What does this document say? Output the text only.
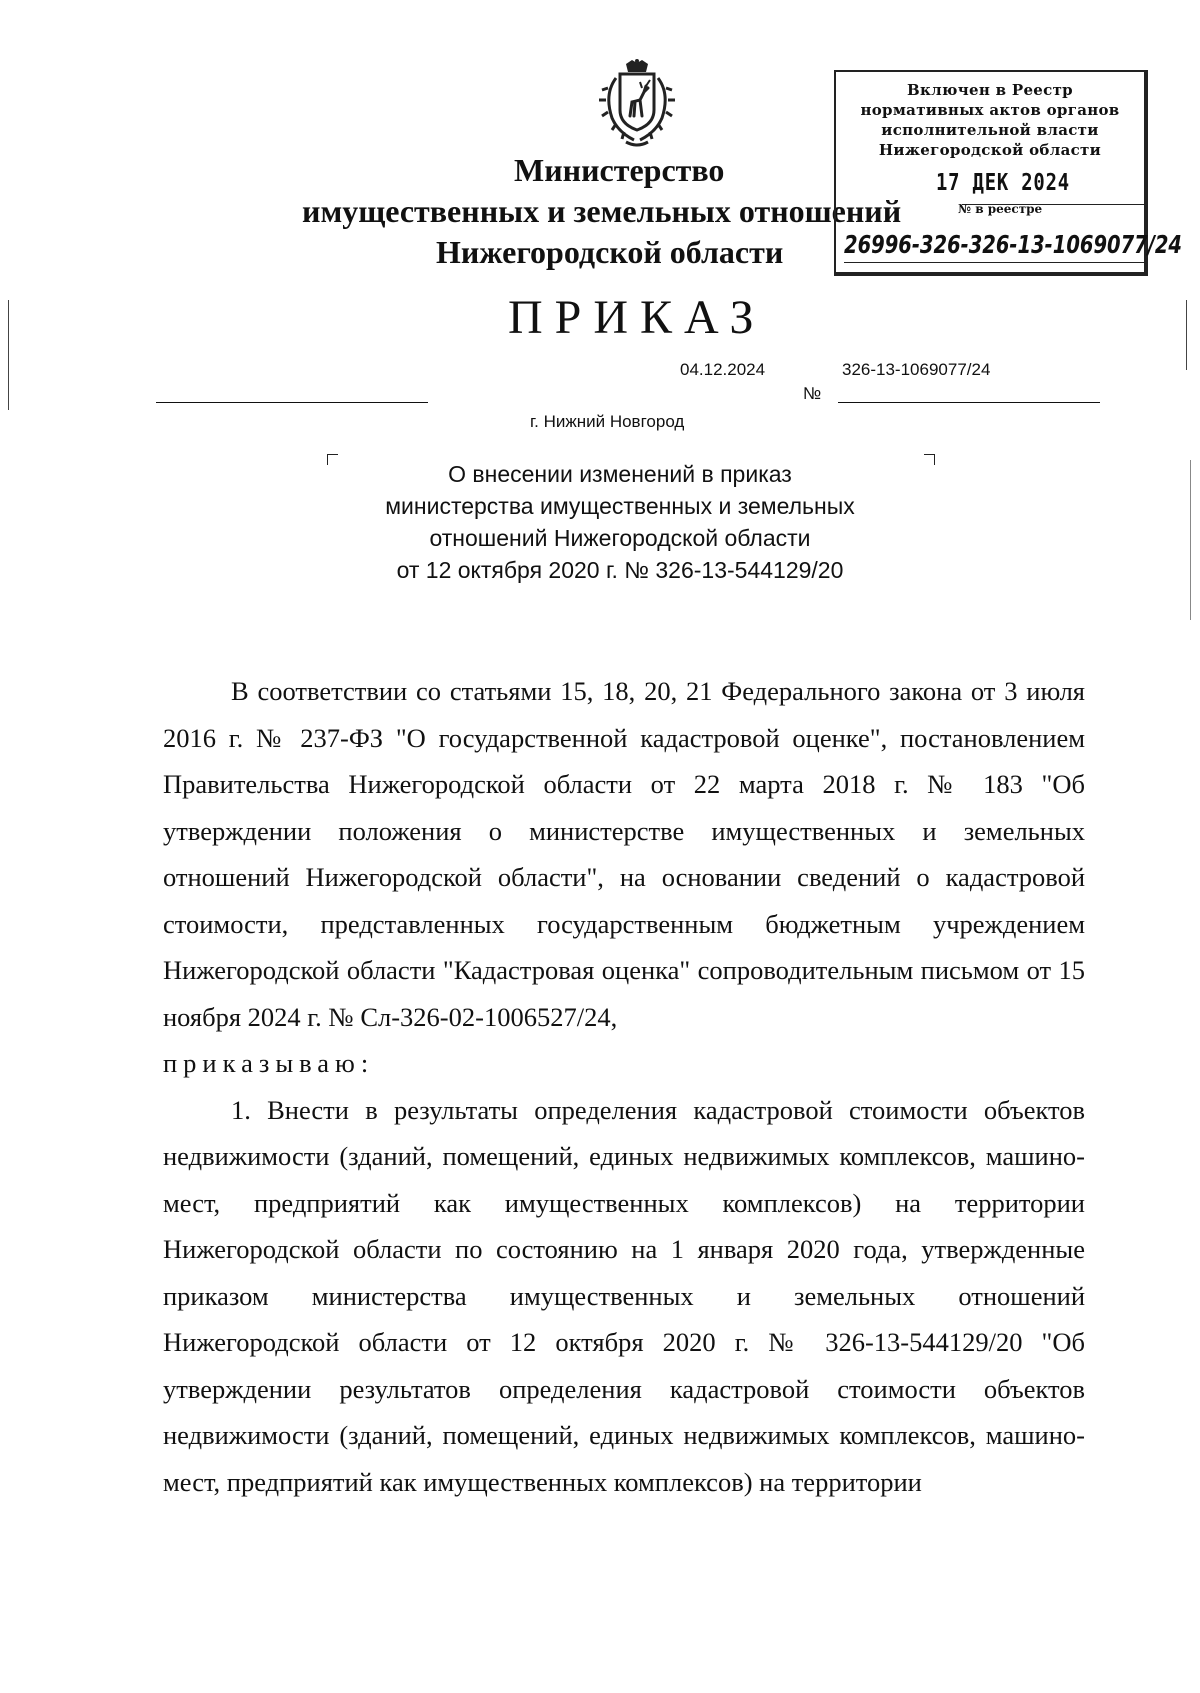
Министерство
имущественных и земельных отношений
Нижегородской области
Включен в Реестр
нормативных актов органов
исполнительной власти
Нижегородской области
17 ДЕК 2024
№ в реестре
26996-326-326-13-1069077/24
ПРИКАЗ
04.12.2024	326-13-1069077/24
№
г. Нижний Новгород
О внесении изменений в приказ
министерства имущественных и земельных
отношений Нижегородской области
от 12 октября 2020 г. № 326-13-544129/20

В соответствии со статьями 15, 18, 20, 21 Федерального закона от 3 июля 2016 г. № 237-ФЗ "О государственной кадастровой оценке", постановлением Правительства Нижегородской области от 22 марта 2018 г. № 183 "Об утверждении положения о министерстве имущественных и земельных отношений Нижегородской области", на основании сведений о кадастровой стоимости, представленных государственным бюджетным учреждением Нижегородской области "Кадастровая оценка" сопроводительным письмом от 15 ноября 2024 г. № Сл-326-02-1006527/24,

приказываю:

1. Внести в результаты определения кадастровой стоимости объектов недвижимости (зданий, помещений, единых недвижимых комплексов, машино-мест, предприятий как имущественных комплексов) на территории Нижегородской области по состоянию на 1 января 2020 года, утвержденные приказом министерства имущественных и земельных отношений Нижегородской области от 12 октября 2020 г. № 326-13-544129/20 "Об утверждении результатов определения кадастровой стоимости объектов недвижимости (зданий, помещений, единых недвижимых комплексов, машино-мест, предприятий как имущественных комплексов) на территории
